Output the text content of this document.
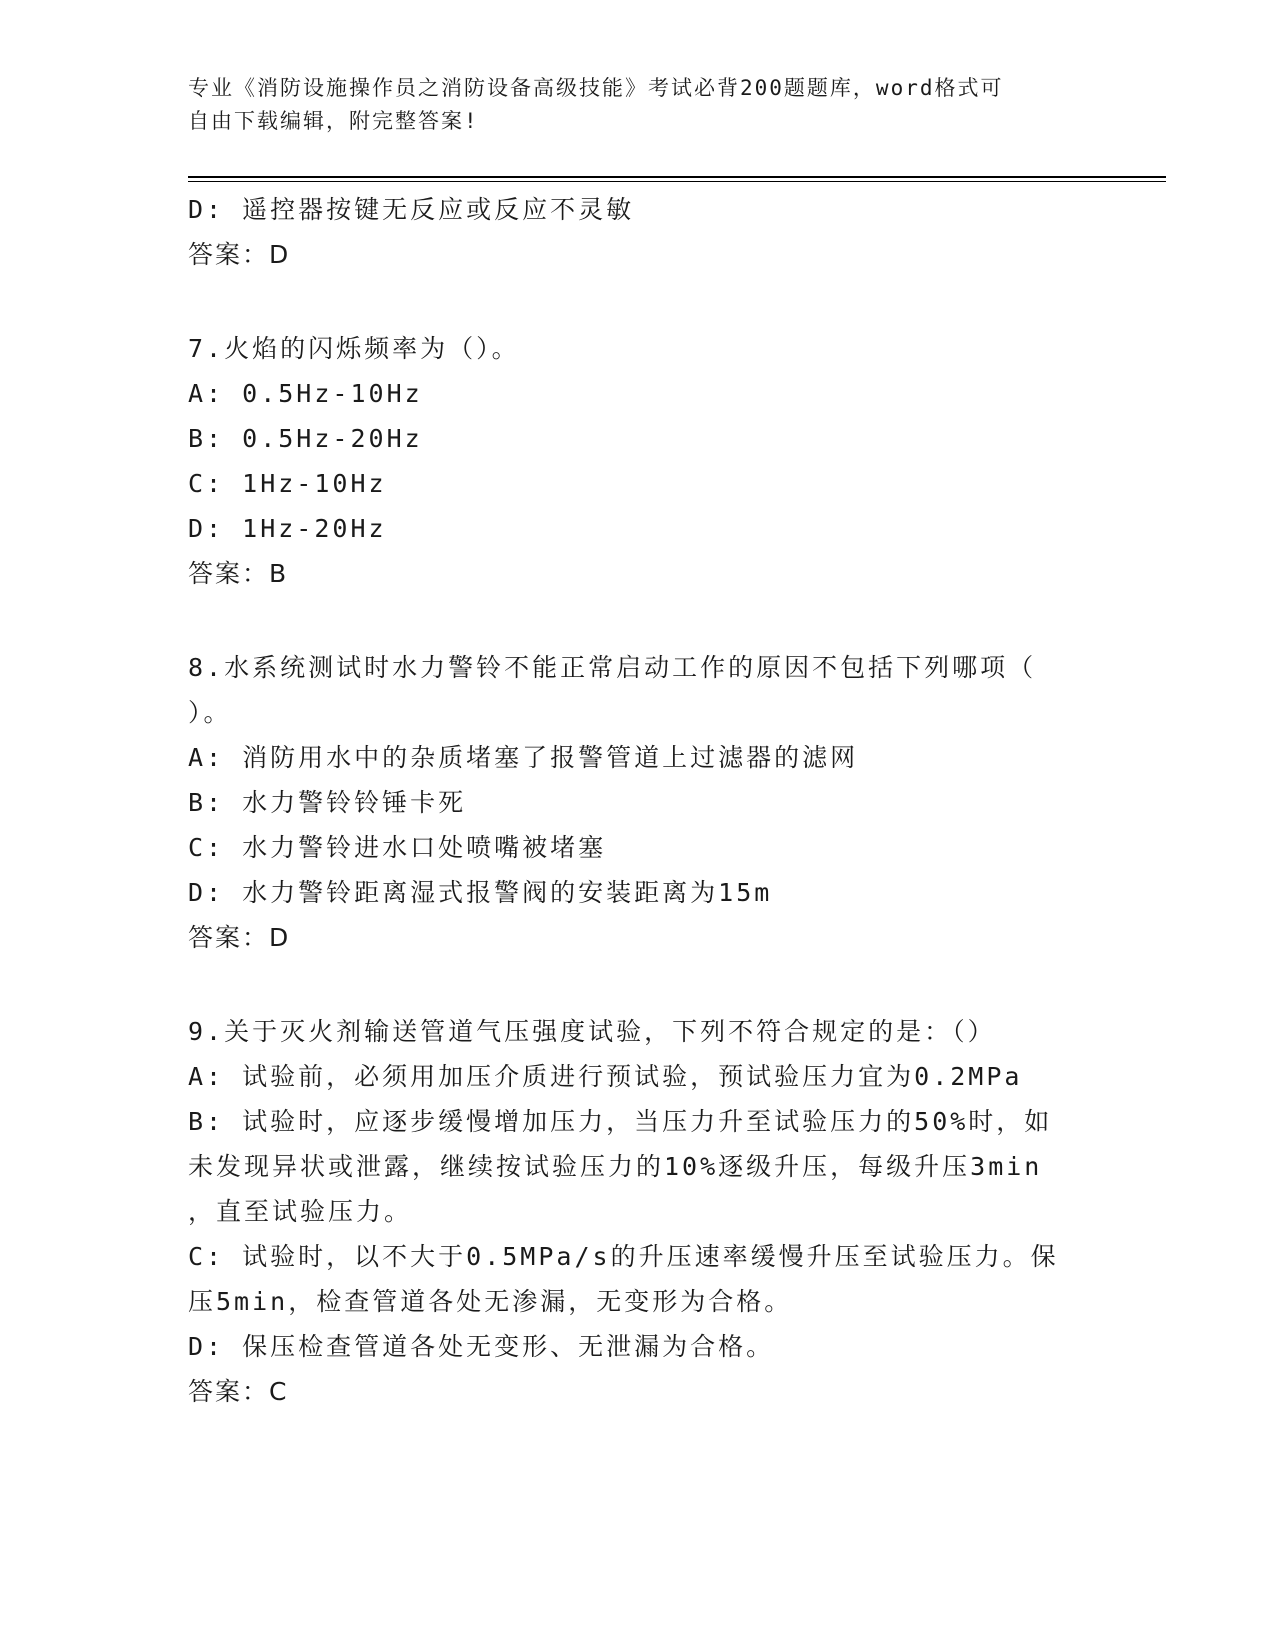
专业《消防设施操作员之消防设备高级技能》考试必背200题题库，word格式可
自由下载编辑，附完整答案!
D: 遥控器按键无反应或反应不灵敏
答案：D
7.火焰的闪烁频率为（）。
A: 0.5Hz-10Hz
B: 0.5Hz-20Hz
C: 1Hz-10Hz
D: 1Hz-20Hz
答案：B
8.水系统测试时水力警铃不能正常启动工作的原因不包括下列哪项（
）。
A: 消防用水中的杂质堵塞了报警管道上过滤器的滤网
B: 水力警铃铃锤卡死
C: 水力警铃进水口处喷嘴被堵塞
D: 水力警铃距离湿式报警阀的安装距离为15m
答案：D
9.关于灭火剂输送管道气压强度试验，下列不符合规定的是：（）
A: 试验前，必须用加压介质进行预试验，预试验压力宜为0.2MPa
B: 试验时，应逐步缓慢增加压力，当压力升至试验压力的50%时，如
未发现异状或泄露，继续按试验压力的10%逐级升压，每级升压3min
，直至试验压力。
C: 试验时，以不大于0.5MPa/s的升压速率缓慢升压至试验压力。保
压5min，检查管道各处无渗漏，无变形为合格。
D: 保压检查管道各处无变形、无泄漏为合格。
答案：C
